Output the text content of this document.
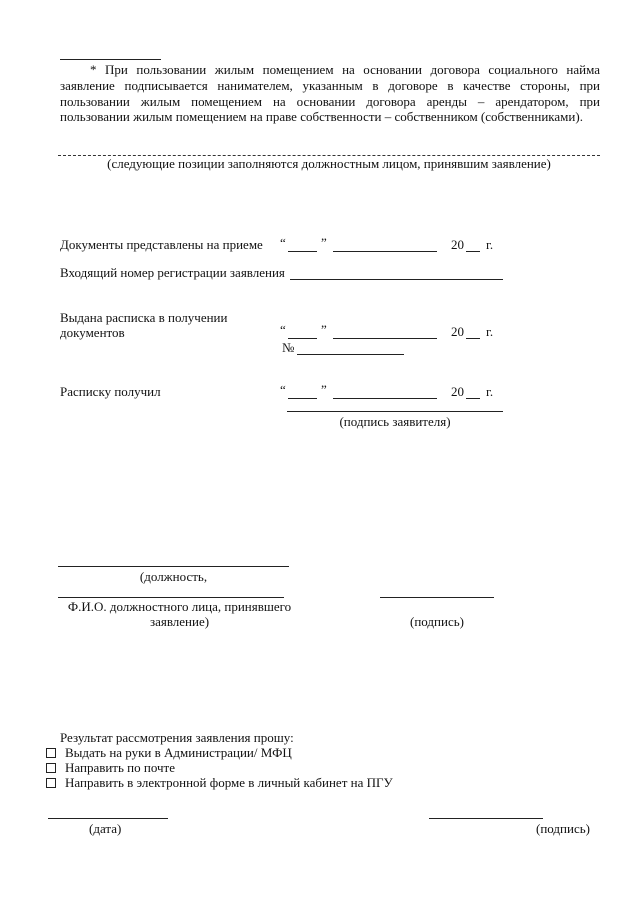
* При пользовании жилым помещением на основании договора социального найма
заявление подписывается нанимателем, указанным в договоре в качестве стороны, при
пользовании жилым помещением на основании договора аренды – арендатором, при
пользовании жилым помещением на праве собственности – собственником (собственниками).
(следующие позиции заполняются должностным лицом, принявшим заявление)
Документы представлены на приеме “	”	20 г.
Входящий номер регистрации заявления
Выдана расписка в получении
документов	“	”	20 г.
№
Расписку получил	“	”	20 г.
(подпись заявителя)
(должность,
Ф.И.О. должностного лица, принявшего
заявление)	(подпись)
Результат рассмотрения заявления прошу:
Выдать на руки в Администрации/ МФЦ
Направить по почте
Направить в электронной форме в личный кабинет на ПГУ
(дата)	(подпись)
